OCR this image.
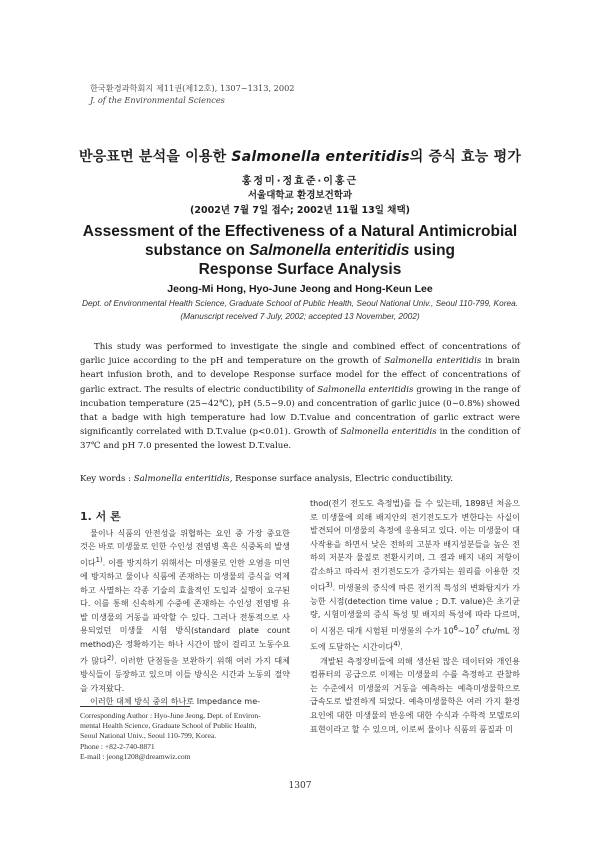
한국환경과학회지 제11권(제12호), 1307~1313, 2002
J. of the Environmental Sciences
반응표면 분석을 이용한 Salmonella enteritidis의 증식 효능 평가
홍정미·정효준·이홍근
서울대학교 환경보건학과
(2002년 7월 7일 접수; 2002년 11월 13일 채택)
Assessment of the Effectiveness of a Natural Antimicrobial
substance on Salmonella enteritidis using
Response Surface Analysis
Jeong-Mi Hong, Hyo-June Jeong and Hong-Keun Lee
Dept. of Environmental Health Science, Graduate School of Public Health, Seoul National Univ., Seoul 110-799, Korea.
(Manuscript received 7 July, 2002; accepted 13 November, 2002)
This study was performed to investigate the single and combined effect of concentrations of garlic juice according to the pH and temperature on the growth of Salmonella enteritidis in brain heart infusion broth, and to develope Response surface model for the effect of concentrations of garlic extract. The results of electric conductibility of Salmonella enteritidis growing in the range of incubation temperature (25~42℃), pH (5.5~9.0) and concentration of garlic juice (0~0.8%) showed that a badge with high temperature had low D.T.value and concentration of garlic extract were significantly correlated with D.T.value (p<0.01). Growth of Salmonella enteritidis in the condition of 37℃ and pH 7.0 presented the lowest D.T.value.
Key words : Salmonella enteritidis, Response surface analysis, Electric conductibility.
1. 서 론

물이나 식품의 안전성을 위협하는 요인 중 가장 중요한 것은 바로 미생물로 인한 수인성 전염병 혹은 식중독의 발생이다$^{1)}$. 이를 방지하기 위해서는 미생물로 인한 오염을 미연에 방지하고 물이나 식품에 존재하는 미생물의 증식을 억제하고 사멸하는 각종 기술의 효율적인 도입과 실행이 요구된다. 이를 통해 신속하게 수중에 존재하는 수인성 전염병 유발 미생물의 거동을 파악할 수 있다. 그러나 전통적으로 사용되었던 미생물 시험 방식(standard plate count method)은 정확하기는 하나 시간이 많이 걸리고 노동수요가 많다$^{2)}$. 이러한 단점들을 보완하기 위해 여러 가지 대체 방식들이 등장하고 있으며 이들 방식은 시간과 노동의 절약을 가져왔다.

이러한 대체 방식 중의 하나로 Impedance me-

thod(전기 전도도 측정법)를 들 수 있는데, 1898년 처음으로 미생물에 의해 배지안의 전기전도도가 변한다는 사실이 발견되어 미생물의 측정에 응용되고 있다. 이는 미생물이 대사작용을 하면서 낮은 전하의 고분자 배지성분들을 높은 전하의 저분자 물질로 전환시키며, 그 결과 배지 내의 저항이 감소하고 따라서 전기전도도가 증가되는 원리를 이용한 것이다$^{3)}$. 미생물의 증식에 따른 전기적 특성의 변화탐지가 가능한 시점(detection time value ; D.T. value)은 초기균량, 시험미생물의 증식 특성 및 배지의 특성에 따라 다르며, 이 시점은 대개 시험된 미생물의 수가 $10^6\sim 10^7$ cfu/mL 정도에 도달하는 시간이다$^{4)}$.

개발된 측정장비들에 의해 생산된 많은 데이터와 개인용 컴퓨터의 공급으로 이제는 미생물의 수를 측정하고 관찰하는 수준에서 미생물의 거동을 예측하는 예측미생물학으로 급속도로 발전하게 되었다. 예측미생물학은 여러 가지 환경요인에 대한 미생물의 반응에 대한 수식과 수학적 모델로의 표현이라고 할 수 있으며, 이로써 물이나 식품의 품질과 미

Corresponding Author : Hyo-June Jeong, Dept. of Environ-
mental Health Science, Graduate School of Public Health,
Seoul National Univ., Seoul 110-799, Korea.
Phone : +82-2-740-8871
E-mail : jeong1208@dreamwiz.com
1307
